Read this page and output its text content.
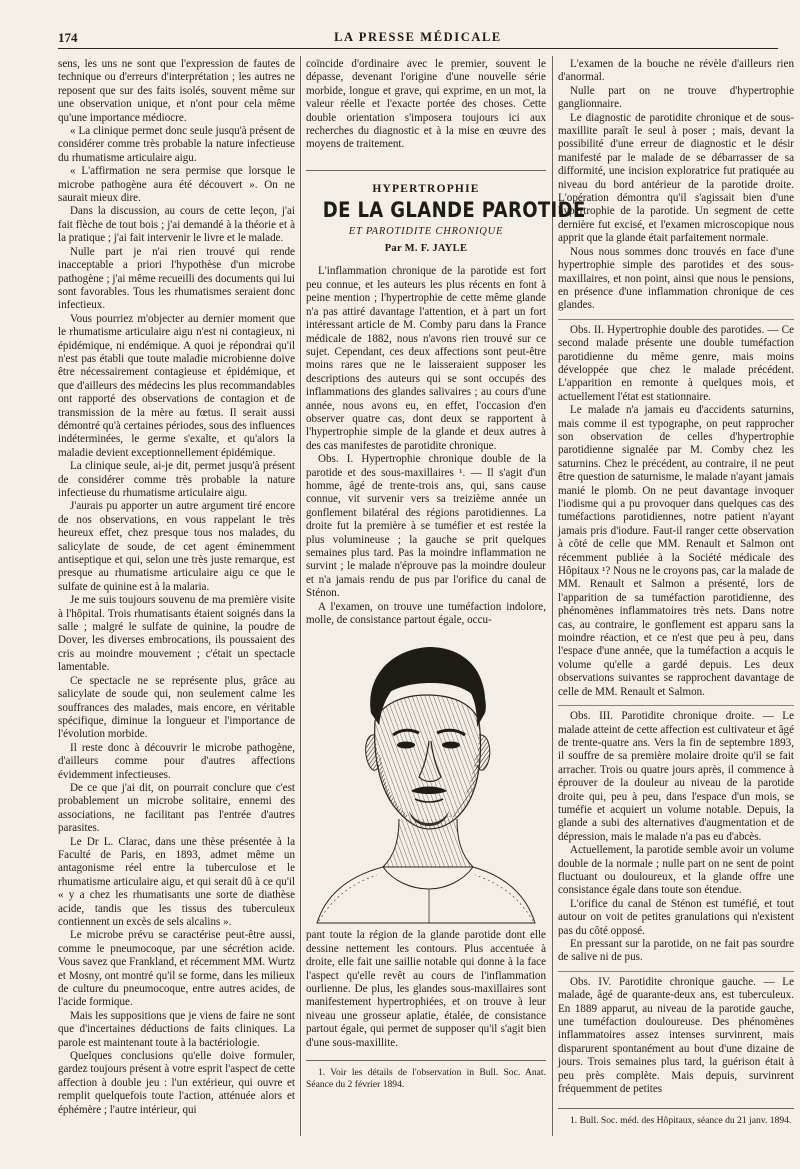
174	LA PRESSE MÉDICALE

sens, les uns ne sont que l'expression de fautes de technique ou d'erreurs d'interprétation ; les autres ne reposent que sur des faits isolés, souvent même sur une observation unique, et n'ont pour cela même qu'une importance médiocre.

« La clinique permet donc seule jusqu'à présent de considérer comme très probable la nature infectieuse du rhumatisme articulaire aigu.

« L'affirmation ne sera permise que lorsque le microbe pathogène aura été découvert ». On ne saurait mieux dire.

Dans la discussion, au cours de cette leçon, j'ai fait flèche de tout bois ; j'ai demandé à la théorie et à la pratique ; j'ai fait intervenir le livre et le malade.

Nulle part je n'ai rien trouvé qui rende inacceptable a priori l'hypothèse d'un microbe pathogène ; j'ai même recueilli des documents qui lui sont favorables. Tous les rhumatismes seraient donc infectieux.

Vous pourriez m'objecter au dernier moment que le rhumatisme articulaire aigu n'est ni contagieux, ni épidémique, ni endémique. A quoi je répondrai qu'il n'est pas établi que toute maladie microbienne doive être nécessairement contagieuse et épidémique, et que d'ailleurs des médecins les plus recommandables ont rapporté des observations de contagion et de transmission de la mère au fœtus. Il serait aussi démontré qu'à certaines périodes, sous des influences indéterminées, le germe s'exalte, et qu'alors la maladie devient exceptionnellement épidémique.

La clinique seule, ai-je dit, permet jusqu'à présent de considérer comme très probable la nature infectieuse du rhumatisme articulaire aigu.

J'aurais pu apporter un autre argument tiré encore de nos observations, en vous rappelant le très heureux effet, chez presque tous nos malades, du salicylate de soude, de cet agent éminemment antiseptique et qui, selon une très juste remarque, est presque au rhumatisme articulaire aigu ce que le sulfate de quinine est à la malaria.

Je me suis toujours souvenu de ma première visite à l'hôpital. Trois rhumatisants étaient soignés dans la salle ; malgré le sulfate de quinine, la poudre de Dover, les diverses embrocations, ils poussaient des cris au moindre mouvement ; c'était un spectacle lamentable.

Ce spectacle ne se représente plus, grâce au salicylate de soude qui, non seulement calme les souffrances des malades, mais encore, en véritable spécifique, diminue la longueur et l'importance de l'évolution morbide.

Il reste donc à découvrir le microbe pathogène, d'ailleurs comme pour d'autres affections évidemment infectieuses.

De ce que j'ai dit, on pourrait conclure que c'est probablement un microbe solitaire, ennemi des associations, ne facilitant pas l'entrée d'autres parasites.

Le Dr L. Clarac, dans une thèse présentée à la Faculté de Paris, en 1893, admet même un antagonisme réel entre la tuberculose et le rhumatisme articulaire aigu, et qui serait dû à ce qu'il « y a chez les rhumatisants une sorte de diathèse acide, tandis que les tissus des tuberculeux contiennent un excès de sels alcalins ».

Le microbe prévu se caractérise peut-être aussi, comme le pneumocoque, par une sécrétion acide. Vous savez que Frankland, et récemment MM. Wurtz et Mosny, ont montré qu'il se forme, dans les milieux de culture du pneumocoque, entre autres acides, de l'acide formique.

Mais les suppositions que je viens de faire ne sont que d'incertaines déductions de faits cliniques. La parole est maintenant toute à la bactériologie.

Quelques conclusions qu'elle doive formuler, gardez toujours présent à votre esprit l'aspect de cette affection à double jeu : l'un extérieur, qui ouvre et remplit quelquefois toute l'action, atténuée alors et éphémère ; l'autre intérieur, qui

coïncide d'ordinaire avec le premier, souvent le dépasse, devenant l'origine d'une nouvelle série morbide, longue et grave, qui exprime, en un mot, la valeur réelle et l'exacte portée des choses. Cette double orientation s'imposera toujours ici aux recherches du diagnostic et à la mise en œuvre des moyens de traitement.

HYPERTROPHIE
DE LA GLANDE PAROTIDE
ET PAROTIDITE CHRONIQUE
Par M. F. JAYLE

L'inflammation chronique de la parotide est fort peu connue, et les auteurs les plus récents en font à peine mention ; l'hypertrophie de cette même glande n'a pas attiré davantage l'attention, et à part un fort intéressant article de M. Comby paru dans la France médicale de 1882, nous n'avons rien trouvé sur ce sujet. Cependant, ces deux affections sont peut-être moins rares que ne le laisseraient supposer les descriptions des auteurs qui se sont occupés des inflammations des glandes salivaires ; au cours d'une année, nous avons eu, en effet, l'occasion d'en observer quatre cas, dont deux se rapportent à l'hypertrophie simple de la glande et deux autres à des cas manifestes de parotidite chronique.

Obs. I. Hypertrophie chronique double de la parotide et des sous-maxillaires ¹. — Il s'agit d'un homme, âgé de trente-trois ans, qui, sans cause connue, vit survenir vers sa treizième année un gonflement bilatéral des régions parotidiennes. La droite fut la première à se tuméfier et est restée la plus volumineuse ; la gauche se prit quelques semaines plus tard. Pas la moindre inflammation ne survint ; le malade n'éprouve pas la moindre douleur et n'a jamais rendu de pus par l'orifice du canal de Sténon.

A l'examen, on trouve une tuméfaction indolore, molle, de consistance partout égale, occu-

pant toute la région de la glande parotide dont elle dessine nettement les contours. Plus accentuée à droite, elle fait une saillie notable qui donne à la face l'aspect qu'elle revêt au cours de l'inflammation ourlienne. De plus, les glandes sous-maxillaires sont manifestement hypertrophiées, et on trouve à leur niveau une grosseur aplatie, étalée, de consistance partout égale, qui permet de supposer qu'il s'agit bien d'une sous-maxillite.

1. Voir les détails de l'observation in Bull. Soc. Anat. Séance du 2 février 1894.

L'examen de la bouche ne révèle d'ailleurs rien d'anormal.

Nulle part on ne trouve d'hypertrophie ganglionnaire.

Le diagnostic de parotidite chronique et de sous-maxillite paraît le seul à poser ; mais, devant la possibilité d'une erreur de diagnostic et le désir manifesté par le malade de se débarrasser de sa difformité, une incision exploratrice fut pratiquée au niveau du bord antérieur de la parotide droite. L'opération démontra qu'il s'agissait bien d'une hypertrophie de la parotide. Un segment de cette dernière fut excisé, et l'examen microscopique nous apprit que la glande était parfaitement normale.

Nous nous sommes donc trouvés en face d'une hypertrophie simple des parotides et des sous-maxillaires, et non point, ainsi que nous le pensions, en présence d'une inflammation chronique de ces glandes.

Obs. II. Hypertrophie double des parotides. — Ce second malade présente une double tuméfaction parotidienne du même genre, mais moins développée que chez le malade précédent. L'apparition en remonte à quelques mois, et actuellement l'état est stationnaire.

Le malade n'a jamais eu d'accidents saturnins, mais comme il est typographe, on peut rapprocher son observation de celles d'hypertrophie parotidienne signalée par M. Comby chez les saturnins. Chez le précédent, au contraire, il ne peut être question de saturnisme, le malade n'ayant jamais manié le plomb. On ne peut davantage invoquer l'iodisme qui a pu provoquer dans quelques cas des tuméfactions parotidiennes, notre patient n'ayant jamais pris d'iodure. Faut-il ranger cette observation à côté de celle que MM. Renault et Salmon ont récemment publiée à la Société médicale des Hôpitaux ¹? Nous ne le croyons pas, car la malade de MM. Renault et Salmon a présenté, lors de l'apparition de sa tuméfaction parotidienne, des phénomènes inflammatoires très nets. Dans notre cas, au contraire, le gonflement est apparu sans la moindre réaction, et ce n'est que peu à peu, dans l'espace d'une année, que la tuméfaction a acquis le volume qu'elle a gardé depuis. Les deux observations suivantes se rapprochent davantage de celle de MM. Renault et Salmon.

Obs. III. Parotidite chronique droite. — Le malade atteint de cette affection est cultivateur et âgé de trente-quatre ans. Vers la fin de septembre 1893, il souffre de sa première molaire droite qu'il se fait arracher. Trois ou quatre jours après, il commence à éprouver de la douleur au niveau de la parotide droite qui, peu à peu, dans l'espace d'un mois, se tuméfie et acquiert un volume notable. Depuis, la glande a subi des alternatives d'augmentation et de dépression, mais le malade n'a pas eu d'abcès.

Actuellement, la parotide semble avoir un volume double de la normale ; nulle part on ne sent de point fluctuant ou douloureux, et la glande offre une consistance égale dans toute son étendue.

L'orifice du canal de Sténon est tuméfié, et tout autour on voit de petites granulations qui n'existent pas du côté opposé.

En pressant sur la parotide, on ne fait pas sourdre de salive ni de pus.

Obs. IV. Parotidite chronique gauche. — Le malade, âgé de quarante-deux ans, est tuberculeux. En 1889 apparut, au niveau de la parotide gauche, une tuméfaction douloureuse. Des phénomènes inflammatoires assez intenses survinrent, mais disparurent spontanément au bout d'une dizaine de jours. Trois semaines plus tard, la guérison était à peu près complète. Mais depuis, survinrent fréquemment de petites

1. Bull. Soc. méd. des Hôpitaux, séance du 21 janv. 1894.
